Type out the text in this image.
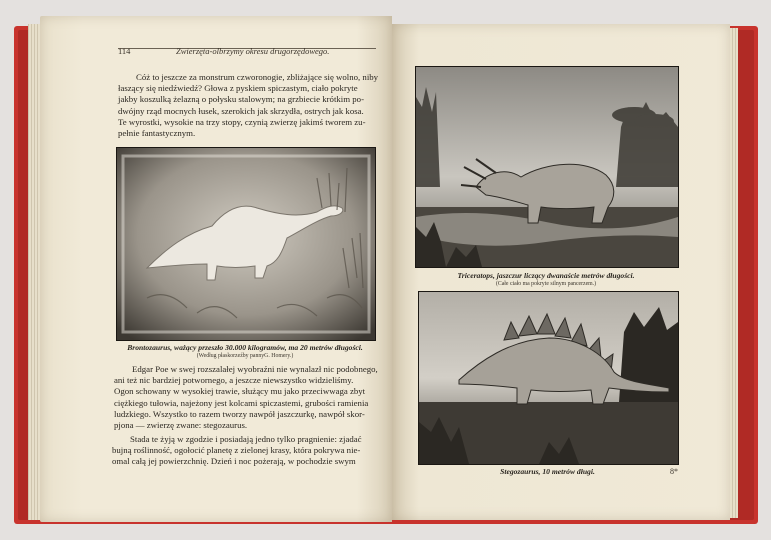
114	Zwierzęta-olbrzymy okresu drugorzędowego.
Cóż to jeszcze za monstrum czworonogie, zbliżające się wolno, niby
łaszący się niedźwiedź? Głowa z pyskiem spiczastym, ciało pokryte
jakby koszulką żelazną o połysku stalowym; na grzbiecie krótkim po-
dwójny rząd mocnych łusek, szerokich jak skrzydła, ostrych jak kosa.
Te wyrostki, wysokie na trzy stopy, czynią zwierzę jakimś tworem zu-
pełnie fantastycznym.
Brontozaurus, ważący przeszło 30.000 kilogramów, ma 20 metrów długości.
(Według płaskorzeźby pannyG. Homery.)
Edgar Poe w swej rozszalałej wyobraźni nie wynalazł nic podobnego,
ani też nic bardziej potwornego, a jeszcze niewszystko widzieliśmy.
Ogon schowany w wysokiej trawie, służący mu jako przeciwwaga zbyt
ciężkiego tułowia, najeżony jest kolcami spiczastemi, grubości ramienia
ludzkiego. Wszystko to razem tworzy nawpół jaszczurkę, nawpół skor-
pjona — zwierzę zwane: stegozaurus.
Stada te żyją w zgodzie i posiadają jedno tylko pragnienie: zjadać
bujną roślinność, ogołocić planetę z zielonej krasy, która pokrywa nie-
omal całą jej powierzchnię. Dzień i noc pożerają, w pochodzie swym
Triceratops, jaszczur liczący dwanaście metrów długości.
(Całe ciało ma pokryte silnym pancerzem.)
Stegozaurus, 10 metrów długi.	8*
